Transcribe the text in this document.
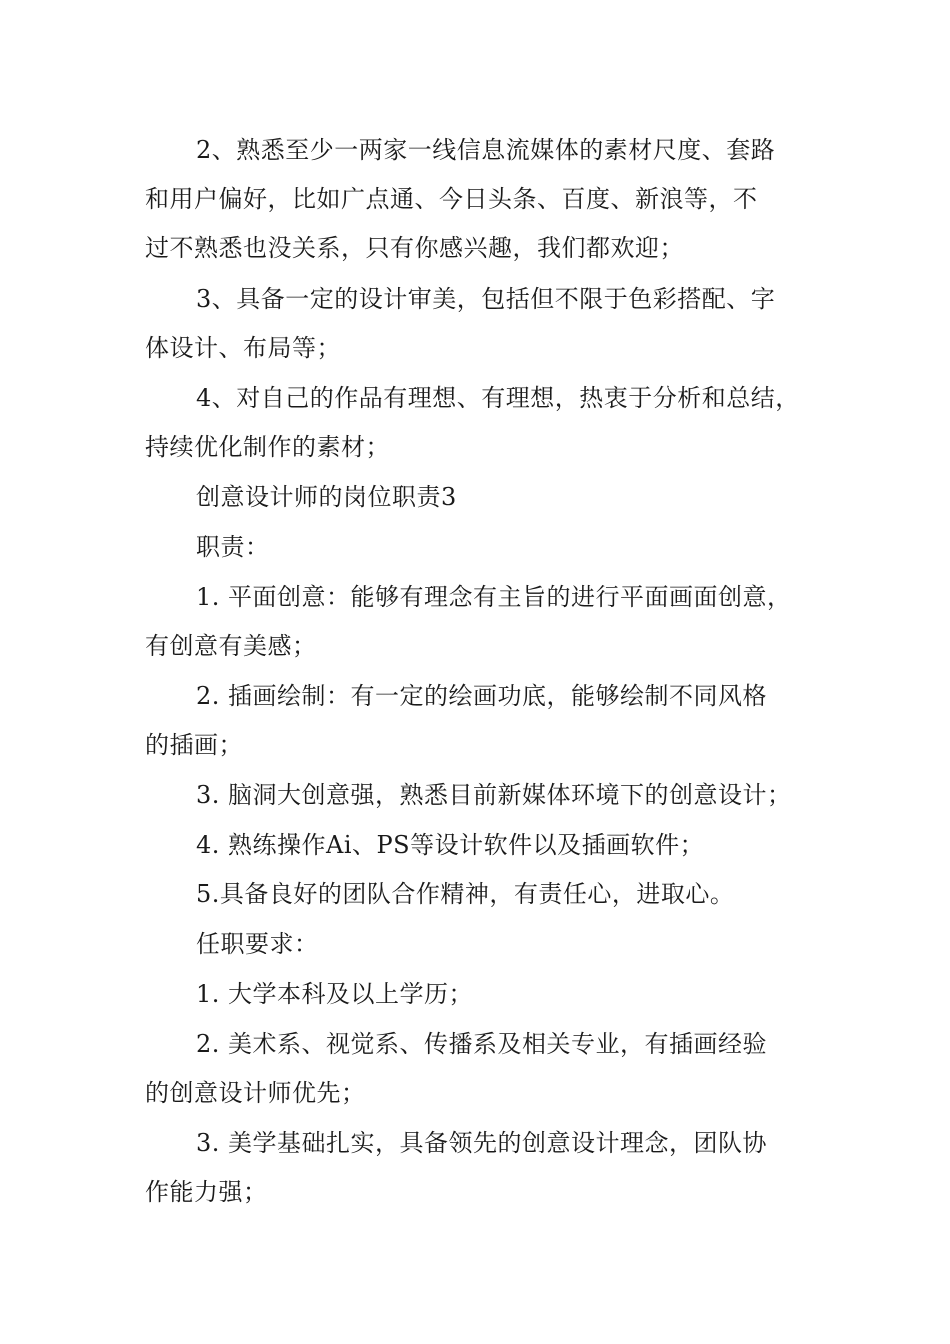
2、熟悉至少一两家一线信息流媒体的素材尺度、套路
和用户偏好，比如广点通、今日头条、百度、新浪等，不
过不熟悉也没关系，只有你感兴趣，我们都欢迎；
3、具备一定的设计审美，包括但不限于色彩搭配、字
体设计、布局等；
4、对自己的作品有理想、有理想，热衷于分析和总结，
持续优化制作的素材；
创意设计师的岗位职责3
职责：
1. 平面创意：能够有理念有主旨的进行平面画面创意，
有创意有美感；
2. 插画绘制：有一定的绘画功底，能够绘制不同风格
的插画；
3. 脑洞大创意强，熟悉目前新媒体环境下的创意设计；
4. 熟练操作Ai、PS等设计软件以及插画软件；
5.具备良好的团队合作精神，有责任心，进取心。
任职要求：
1. 大学本科及以上学历；
2. 美术系、视觉系、传播系及相关专业，有插画经验
的创意设计师优先；
3. 美学基础扎实，具备领先的创意设计理念，团队协
作能力强；
